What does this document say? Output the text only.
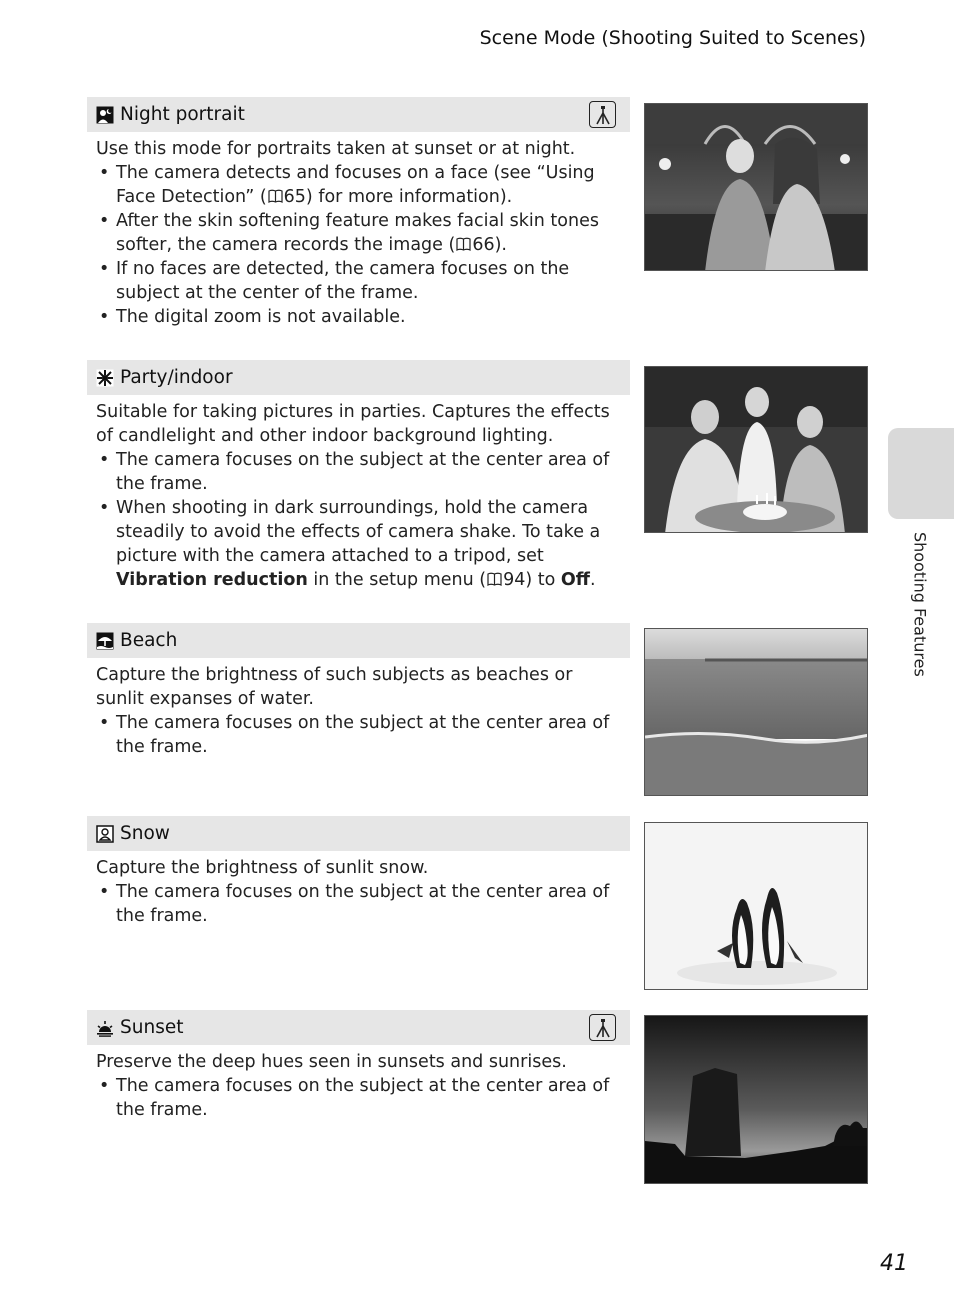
Scene Mode (Shooting Suited to Scenes)
Night portrait

Use this mode for portraits taken at sunset or at night.

• The camera detects and focuses on a face (see “Using Face Detection” ( 65) for more information).
• After the skin softening feature makes facial skin tones softer, the camera records the image ( 66).
• If no faces are detected, the camera focuses on the subject at the center of the frame.
• The digital zoom is not available.
Party/indoor

Suitable for taking pictures in parties. Captures the effects of candlelight and other indoor background lighting.

• The camera focuses on the subject at the center area of the frame.
• When shooting in dark surroundings, hold the camera steadily to avoid the effects of camera shake. To take a picture with the camera attached to a tripod, set Vibration reduction in the setup menu ( 94) to Off.
Beach

Capture the brightness of such subjects as beaches or sunlit expanses of water.

• The camera focuses on the subject at the center area of the frame.
Snow

Capture the brightness of sunlit snow.

• The camera focuses on the subject at the center area of the frame.
Sunset

Preserve the deep hues seen in sunsets and sunrises.

• The camera focuses on the subject at the center area of the frame.
Shooting Features
41
